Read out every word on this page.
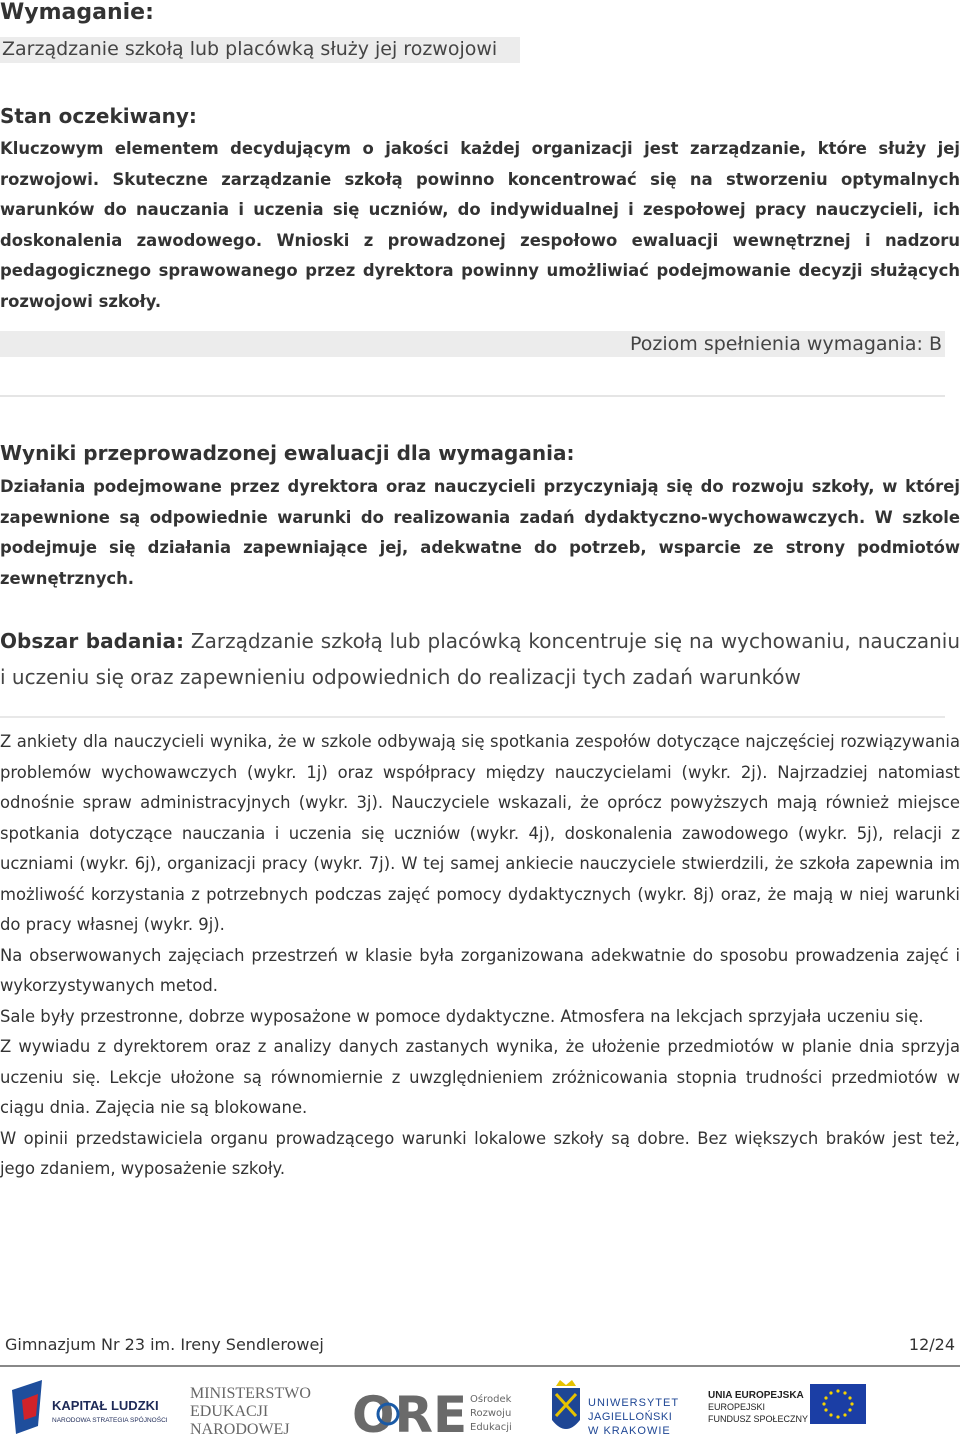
Wymaganie:
Zarządzanie szkołą lub placówką służy jej rozwojowi
Stan oczekiwany:
Kluczowym elementem decydującym o jakości każdej organizacji jest zarządzanie, które służy jej rozwojowi. Skuteczne zarządzanie szkołą powinno koncentrować się na stworzeniu optymalnych warunków do nauczania i uczenia się uczniów, do indywidualnej i zespołowej pracy nauczycieli, ich doskonalenia zawodowego. Wnioski z prowadzonej zespołowo ewaluacji wewnętrznej i nadzoru pedagogicznego sprawowanego przez dyrektora powinny umożliwiać podejmowanie decyzji służących rozwojowi szkoły.
Poziom spełnienia wymagania: B
Wyniki przeprowadzonej ewaluacji dla wymagania:
Działania podejmowane przez dyrektora oraz nauczycieli przyczyniają się do rozwoju szkoły, w której zapewnione są odpowiednie warunki do realizowania zadań dydaktyczno-wychowawczych. W szkole podejmuje się działania zapewniające jej, adekwatne do potrzeb, wsparcie ze strony podmiotów zewnętrznych.
Obszar badania: Zarządzanie szkołą lub placówką koncentruje się na wychowaniu, nauczaniu i uczeniu się oraz zapewnieniu odpowiednich do realizacji tych zadań warunków

Z ankiety dla nauczycieli wynika, że w szkole odbywają się spotkania zespołów dotyczące najczęściej rozwiązywania problemów wychowawczych (wykr. 1j) oraz współpracy między nauczycielami (wykr. 2j). Najrzadziej natomiast odnośnie spraw administracyjnych (wykr. 3j). Nauczyciele wskazali, że oprócz powyższych mają również miejsce spotkania dotyczące nauczania i uczenia się uczniów (wykr. 4j), doskonalenia zawodowego (wykr. 5j), relacji z uczniami (wykr. 6j), organizacji pracy (wykr. 7j). W tej samej ankiecie nauczyciele stwierdzili, że szkoła zapewnia im możliwość korzystania z potrzebnych podczas zajęć pomocy dydaktycznych (wykr. 8j) oraz, że mają w niej warunki do pracy własnej (wykr. 9j).

Na obserwowanych zajęciach przestrzeń w klasie była zorganizowana adekwatnie do sposobu prowadzenia zajęć i wykorzystywanych metod.

Sale były przestronne, dobrze wyposażone w pomoce dydaktyczne. Atmosfera na lekcjach sprzyjała uczeniu się.

Z wywiadu z dyrektorem oraz z analizy danych zastanych wynika, że ułożenie przedmiotów w planie dnia sprzyja uczeniu się. Lekcje ułożone są równomiernie z uwzględnieniem zróżnicowania stopnia trudności przedmiotów w ciągu dnia. Zajęcia nie są blokowane.

W opinii przedstawiciela organu prowadzącego warunki lokalowe szkoły są dobre. Bez większych braków jest też, jego zdaniem, wyposażenie szkoły.

Gimnazjum Nr 23 im. Ireny Sendlerowej	12/24
KAPITAŁ LUDZKI
NARODOWA STRATEGIA SPÓJNOŚCI
MINISTERSTWO
EDUKACJI
NARODOWEJ ORE Ośrodek
Rozwoju
Edukacji
UNIWERSYTET
JAGIELLOŃSKI
W KRAKOWIE
UNIA EUROPEJSKA
EUROPEJSKI
FUNDUSZ SPOŁECZNY
